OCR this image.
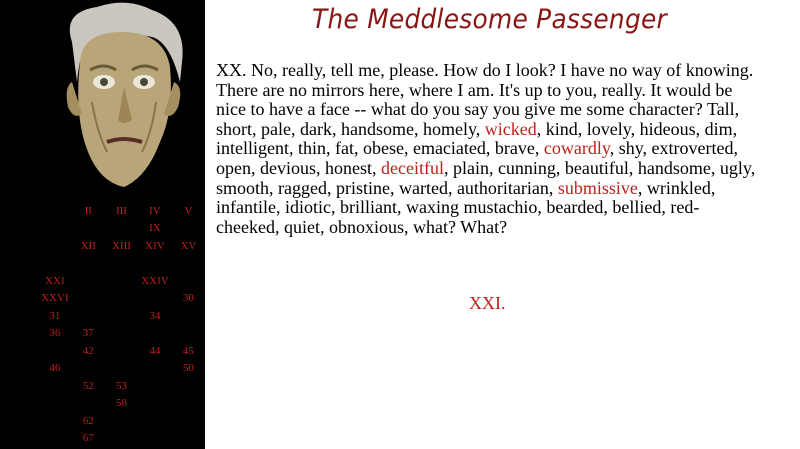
	II	III	IV	V
			IX	
	XII	XIII	XIV	XV

XXI			XXIV	
XXVI				30
31			34	
36	37			
	42		44	45
46				50
	52	53		
		58		
	62			
	67			
The Meddlesome Passenger
XX. No, really, tell me, please. How do I look? I have no way of knowing. There are no mirrors here, where I am. It's up to you, really. It would be nice to have a face -- what do you say you give me some character? Tall, short, pale, dark, handsome, homely, wicked, kind, lovely, hideous, dim, intelligent, thin, fat, obese, emaciated, brave, cowardly, shy, extroverted, open, devious, honest, deceitful, plain, cunning, beautiful, handsome, ugly, smooth, ragged, pristine, warted, authoritarian, submissive, wrinkled, infantile, idiotic, brilliant, waxing mustachio, bearded, bellied, red-cheeked, quiet, obnoxious, what? What?
XXI.
